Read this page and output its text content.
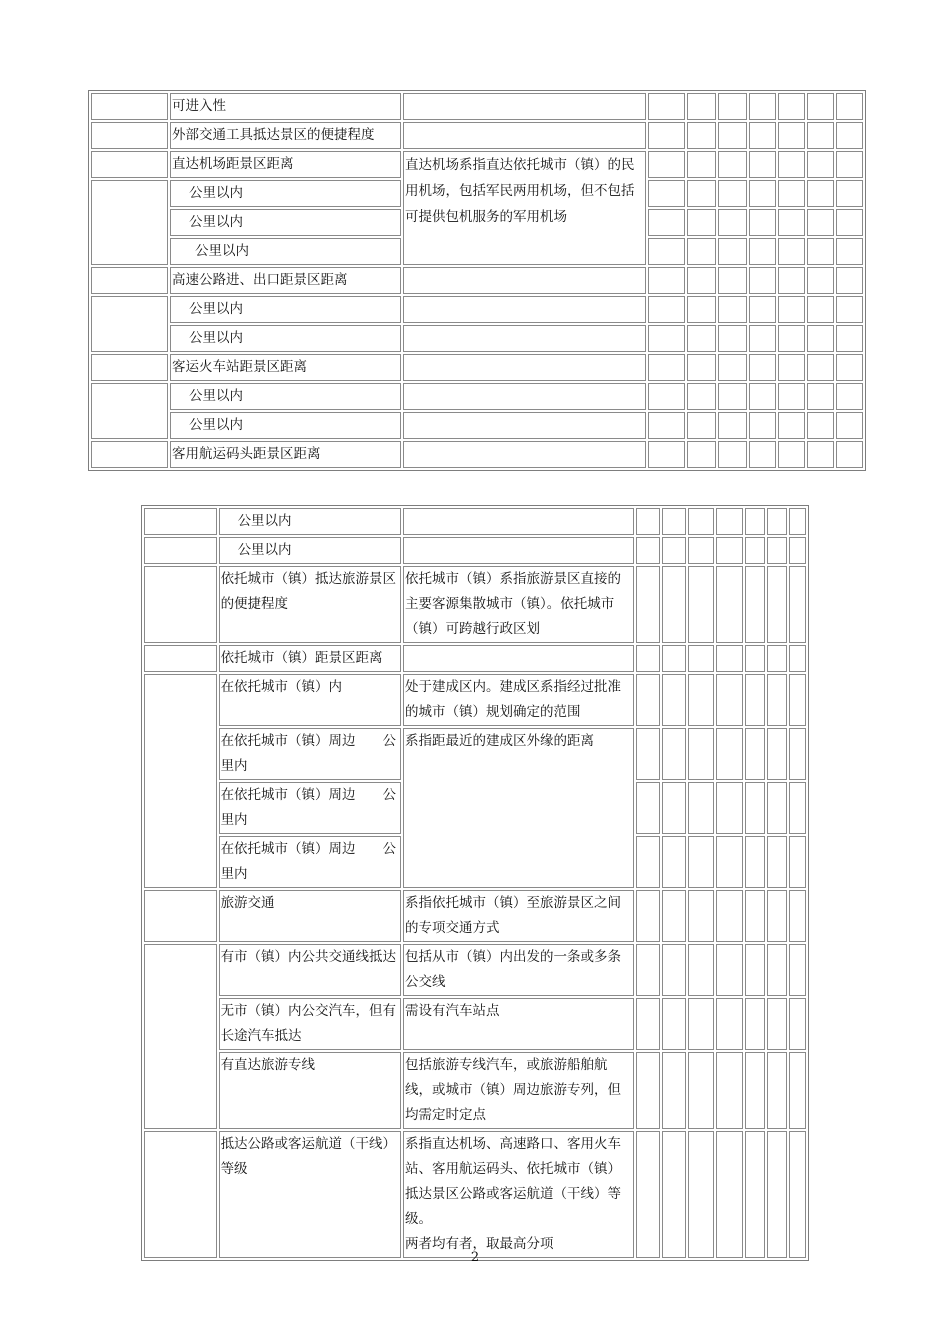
	可进入性								
	外部交通工具抵达景区的便捷程度								
	直达机场距景区距离	直达机场系指直达依托城市（镇）的民用机场，包括军民两用机场，但不包括可提供包机服务的军用机场							
	公里以内								
	公里以内								
	公里以内								
	高速公路进、出口距景区距离								
	公里以内								
	公里以内								
	客运火车站距景区距离								
	公里以内								
	公里以内								
	客用航运码头距景区距离								
	公里以内								
	公里以内								
	依托城市（镇）抵达旅游景区的便捷程度	依托城市（镇）系指旅游景区直接的主要客源集散城市（镇）。依托城市（镇）可跨越行政区划							
	依托城市（镇）距景区距离								
	在依托城市（镇）内	处于建成区内。建成区系指经过批准的城市（镇）规划确定的范围							
	在依托城市（镇）周边　　公里内	系指距最近的建成区外缘的距离							
	在依托城市（镇）周边　　公里内								
	在依托城市（镇）周边　　公里内								
	旅游交通	系指依托城市（镇）至旅游景区之间的专项交通方式							
	有市（镇）内公共交通线抵达	包括从市（镇）内出发的一条或多条公交线							
	无市（镇）内公交汽车，但有长途汽车抵达	需设有汽车站点							
	有直达旅游专线	包括旅游专线汽车，或旅游船舶航线，或城市（镇）周边旅游专列，但均需定时定点							
	抵达公路或客运航道（干线）等级	系指直达机场、高速路口、客用火车站、客用航运码头、依托城市（镇）抵达景区公路或客运航道（干线）等级。
两者均有者，取最高分项							

2
